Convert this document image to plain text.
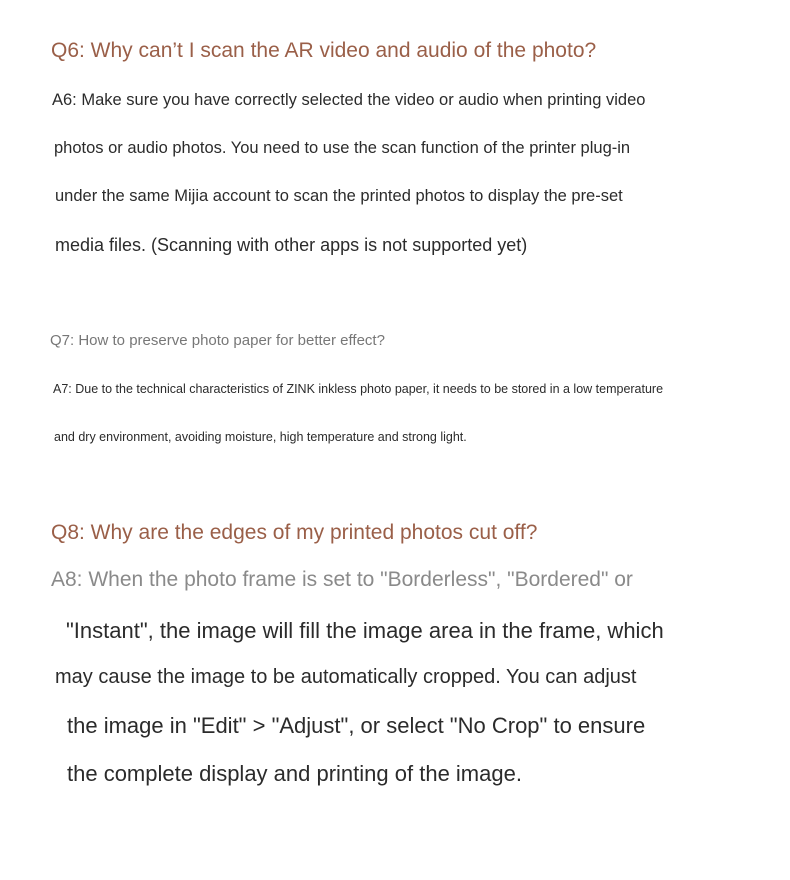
Q6: Why can’t I scan the AR video and audio of the photo?

A6: Make sure you have correctly selected the video or audio when printing video

photos or audio photos. You need to use the scan function of the printer plug-in

under the same Mijia account to scan the printed photos to display the pre-set

media files. (Scanning with other apps is not supported yet)

Q7: How to preserve photo paper for better effect?

A7: Due to the technical characteristics of ZINK inkless photo paper, it needs to be stored in a low temperature

and dry environment, avoiding moisture, high temperature and strong light.

Q8: Why are the edges of my printed photos cut off?

A8: When the photo frame is set to "Borderless", "Bordered" or

"Instant", the image will fill the image area in the frame, which

may cause the image to be automatically cropped. You can adjust

the image in "Edit" > "Adjust", or select "No Crop" to ensure

the complete display and printing of the image.
